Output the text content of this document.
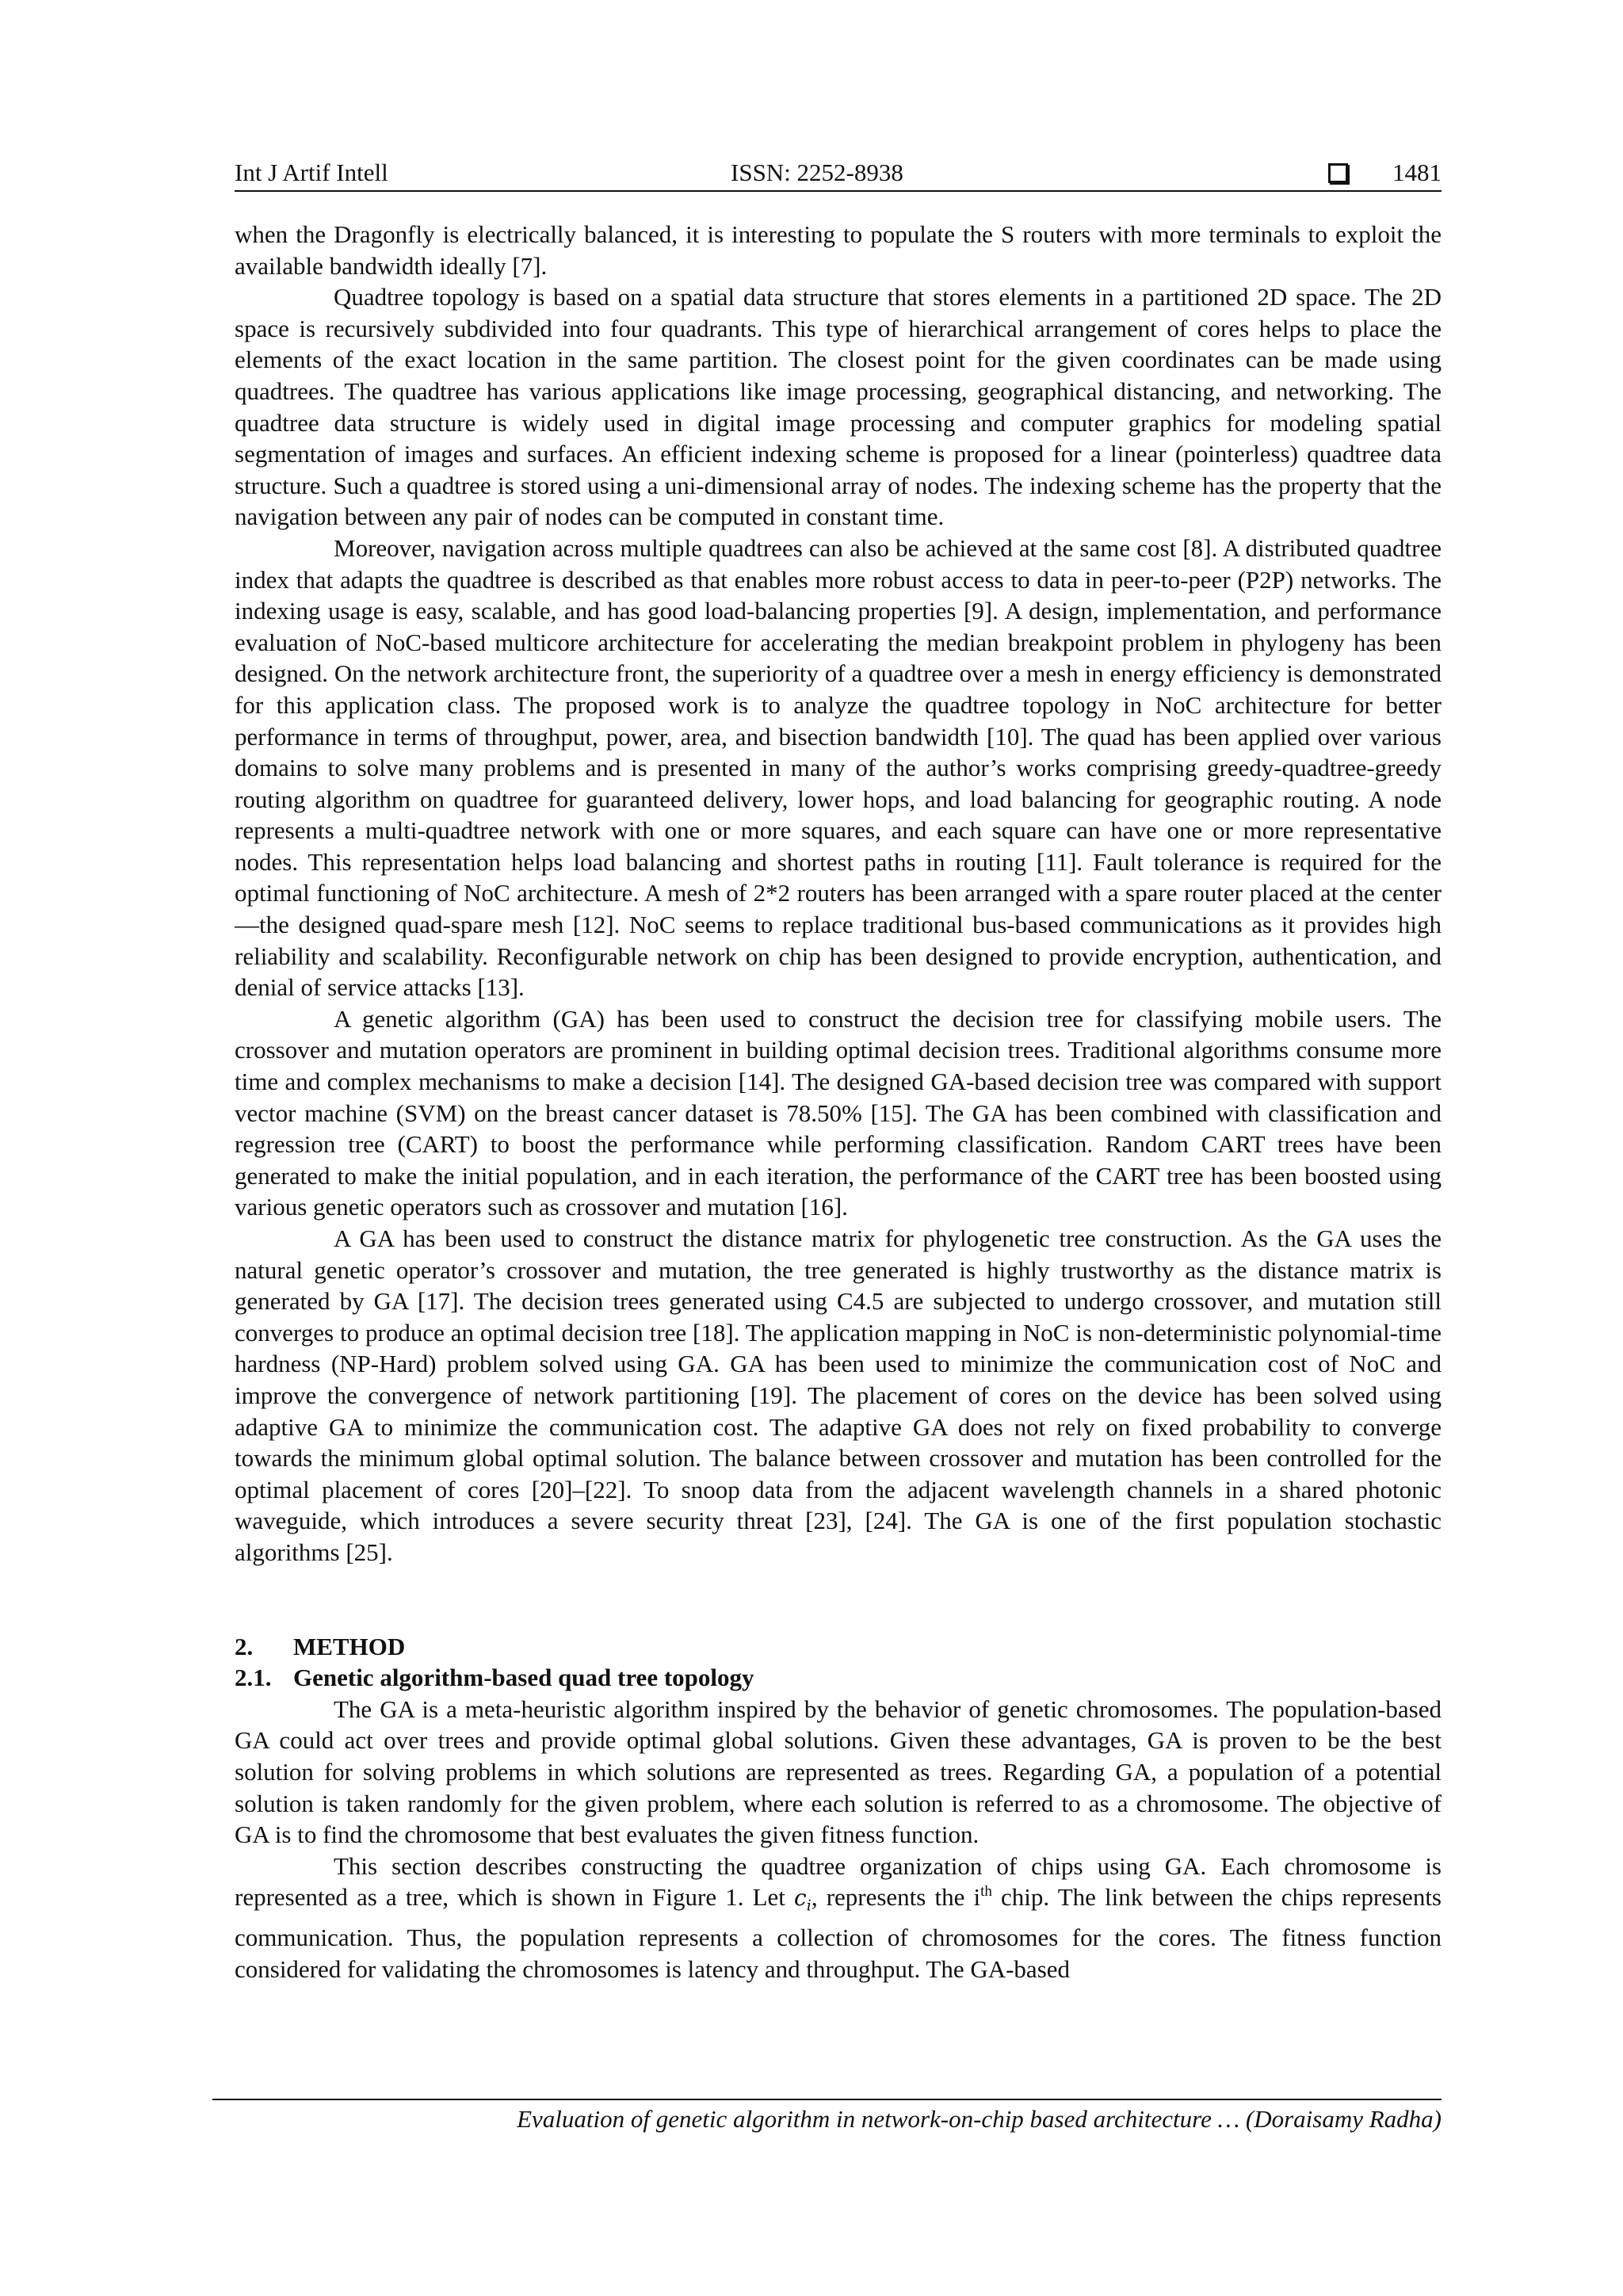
Int J Artif Intell	ISSN: 2252-8938	1481

when the Dragonfly is electrically balanced, it is interesting to populate the S routers with more terminals to exploit the available bandwidth ideally [7].

Quadtree topology is based on a spatial data structure that stores elements in a partitioned 2D space. The 2D space is recursively subdivided into four quadrants. This type of hierarchical arrangement of cores helps to place the elements of the exact location in the same partition. The closest point for the given coordinates can be made using quadtrees. The quadtree has various applications like image processing, geographical distancing, and networking. The quadtree data structure is widely used in digital image processing and computer graphics for modeling spatial segmentation of images and surfaces. An efficient indexing scheme is proposed for a linear (pointerless) quadtree data structure. Such a quadtree is stored using a uni-dimensional array of nodes. The indexing scheme has the property that the navigation between any pair of nodes can be computed in constant time.

Moreover, navigation across multiple quadtrees can also be achieved at the same cost [8]. A distributed quadtree index that adapts the quadtree is described as that enables more robust access to data in peer-to-peer (P2P) networks. The indexing usage is easy, scalable, and has good load-balancing properties [9]. A design, implementation, and performance evaluation of NoC-based multicore architecture for accelerating the median breakpoint problem in phylogeny has been designed. On the network architecture front, the superiority of a quadtree over a mesh in energy efficiency is demonstrated for this application class. The proposed work is to analyze the quadtree topology in NoC architecture for better performance in terms of throughput, power, area, and bisection bandwidth [10]. The quad has been applied over various domains to solve many problems and is presented in many of the author’s works comprising greedy-quadtree-greedy routing algorithm on quadtree for guaranteed delivery, lower hops, and load balancing for geographic routing. A node represents a multi-quadtree network with one or more squares, and each square can have one or more representative nodes. This representation helps load balancing and shortest paths in routing [11]. Fault tolerance is required for the optimal functioning of NoC architecture. A mesh of 2*2 routers has been arranged with a spare router placed at the center—the designed quad-spare mesh [12]. NoC seems to replace traditional bus-based communications as it provides high reliability and scalability. Reconfigurable network on chip has been designed to provide encryption, authentication, and denial of service attacks [13].

A genetic algorithm (GA) has been used to construct the decision tree for classifying mobile users. The crossover and mutation operators are prominent in building optimal decision trees. Traditional algorithms consume more time and complex mechanisms to make a decision [14]. The designed GA-based decision tree was compared with support vector machine (SVM) on the breast cancer dataset is 78.50% [15]. The GA has been combined with classification and regression tree (CART) to boost the performance while performing classification. Random CART trees have been generated to make the initial population, and in each iteration, the performance of the CART tree has been boosted using various genetic operators such as crossover and mutation [16].

A GA has been used to construct the distance matrix for phylogenetic tree construction. As the GA uses the natural genetic operator’s crossover and mutation, the tree generated is highly trustworthy as the distance matrix is generated by GA [17]. The decision trees generated using C4.5 are subjected to undergo crossover, and mutation still converges to produce an optimal decision tree [18]. The application mapping in NoC is non-deterministic polynomial-time hardness (NP-Hard) problem solved using GA. GA has been used to minimize the communication cost of NoC and improve the convergence of network partitioning [19]. The placement of cores on the device has been solved using adaptive GA to minimize the communication cost. The adaptive GA does not rely on fixed probability to converge towards the minimum global optimal solution. The balance between crossover and mutation has been controlled for the optimal placement of cores [20]–[22]. To snoop data from the adjacent wavelength channels in a shared photonic waveguide, which introduces a severe security threat [23], [24]. The GA is one of the first population stochastic algorithms [25].

2. METHOD
2.1. Genetic algorithm-based quad tree topology

The GA is a meta-heuristic algorithm inspired by the behavior of genetic chromosomes. The population-based GA could act over trees and provide optimal global solutions. Given these advantages, GA is proven to be the best solution for solving problems in which solutions are represented as trees. Regarding GA, a population of a potential solution is taken randomly for the given problem, where each solution is referred to as a chromosome. The objective of GA is to find the chromosome that best evaluates the given fitness function.

This section describes constructing the quadtree organization of chips using GA. Each chromosome is represented as a tree, which is shown in Figure 1. Let $c_i$, represents the $i^{th}$ chip. The link between the chips represents communication. Thus, the population represents a collection of chromosomes for the cores. The fitness function considered for validating the chromosomes is latency and throughput. The GA-based

Evaluation of genetic algorithm in network-on-chip based architecture … (Doraisamy Radha)
